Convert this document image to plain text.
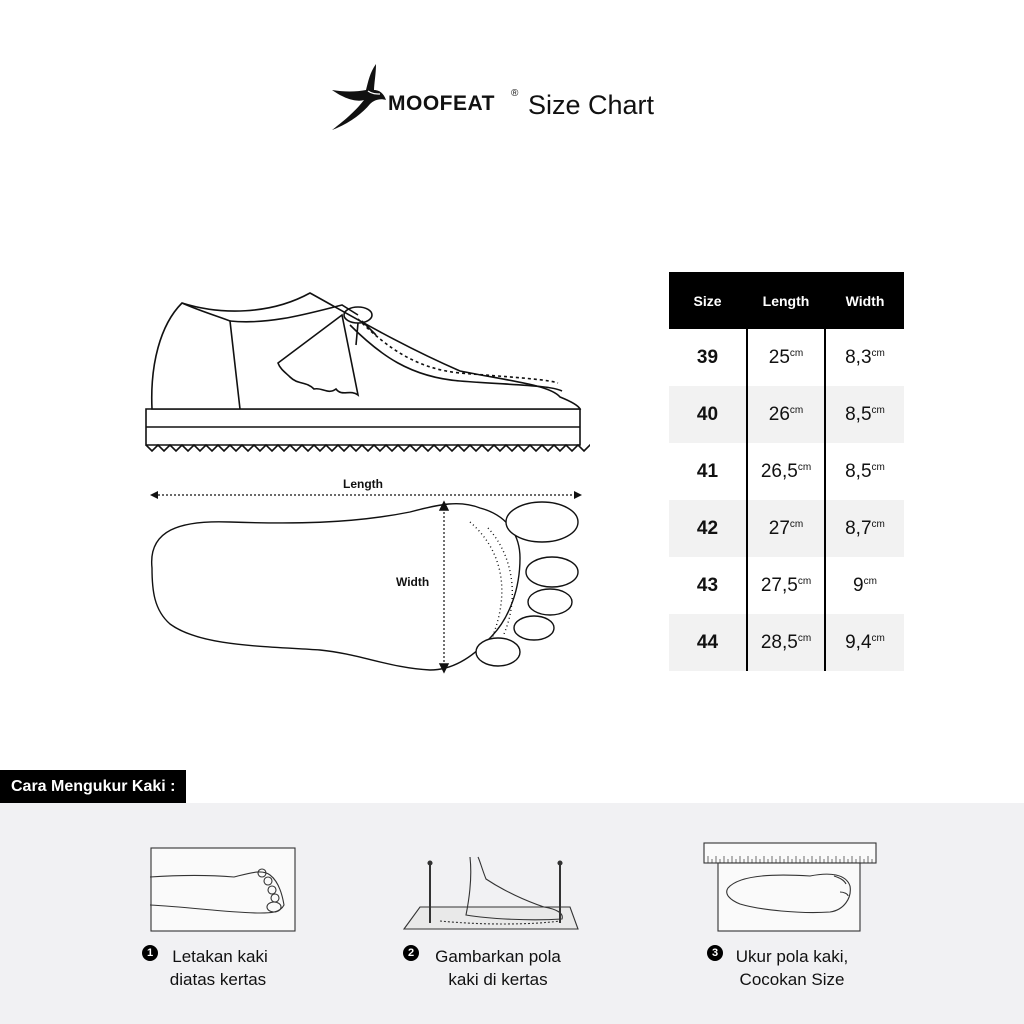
MOOFEAT ® Size Chart
Length
Width
Size	Length	Width
39	$25^{cm}$	$8,3^{cm}$
40	$26^{cm}$	$8,5^{cm}$
41	$26,5^{cm}$	$8,5^{cm}$
42	$27^{cm}$	$8,7^{cm}$
43	$27,5^{cm}$	$9^{cm}$
44	$28,5^{cm}$	$9,4^{cm}$
Cara Mengukur Kaki :
1	Letakan kaki
diatas kertas
2	Gambarkan pola
kaki di kertas
3	Ukur pola kaki,
Cocokan Size
